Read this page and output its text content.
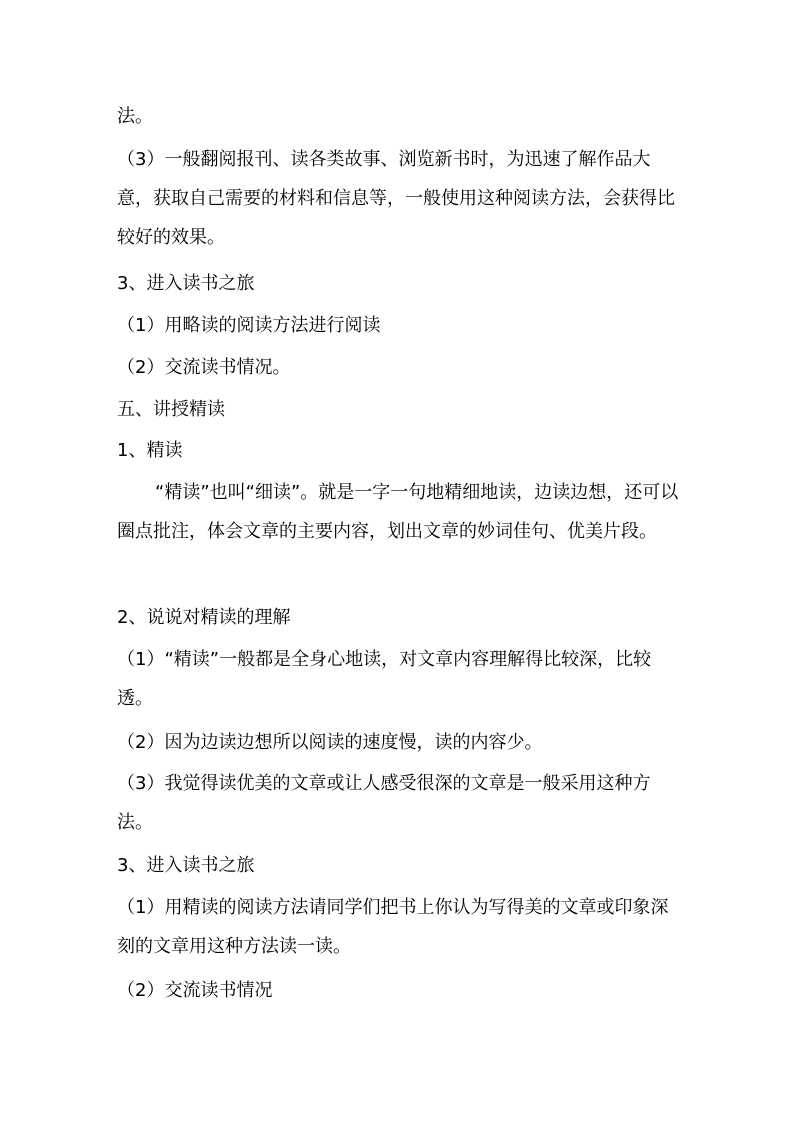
法。

（3）一般翻阅报刊、读各类故事、浏览新书时，为迅速了解作品大意，获取自己需要的材料和信息等，一般使用这种阅读方法，会获得比较好的效果。

3、进入读书之旅

（1）用略读的阅读方法进行阅读

（2）交流读书情况。

五、讲授精读

1、精读

“精读”也叫“细读”。就是一字一句地精细地读，边读边想，还可以圈点批注，体会文章的主要内容，划出文章的妙词佳句、优美片段。

2、说说对精读的理解

（1）“精读”一般都是全身心地读，对文章内容理解得比较深，比较透。

（2）因为边读边想所以阅读的速度慢，读的内容少。

（3）我觉得读优美的文章或让人感受很深的文章是一般采用这种方法。

3、进入读书之旅

（1）用精读的阅读方法请同学们把书上你认为写得美的文章或印象深刻的文章用这种方法读一读。

（2）交流读书情况
